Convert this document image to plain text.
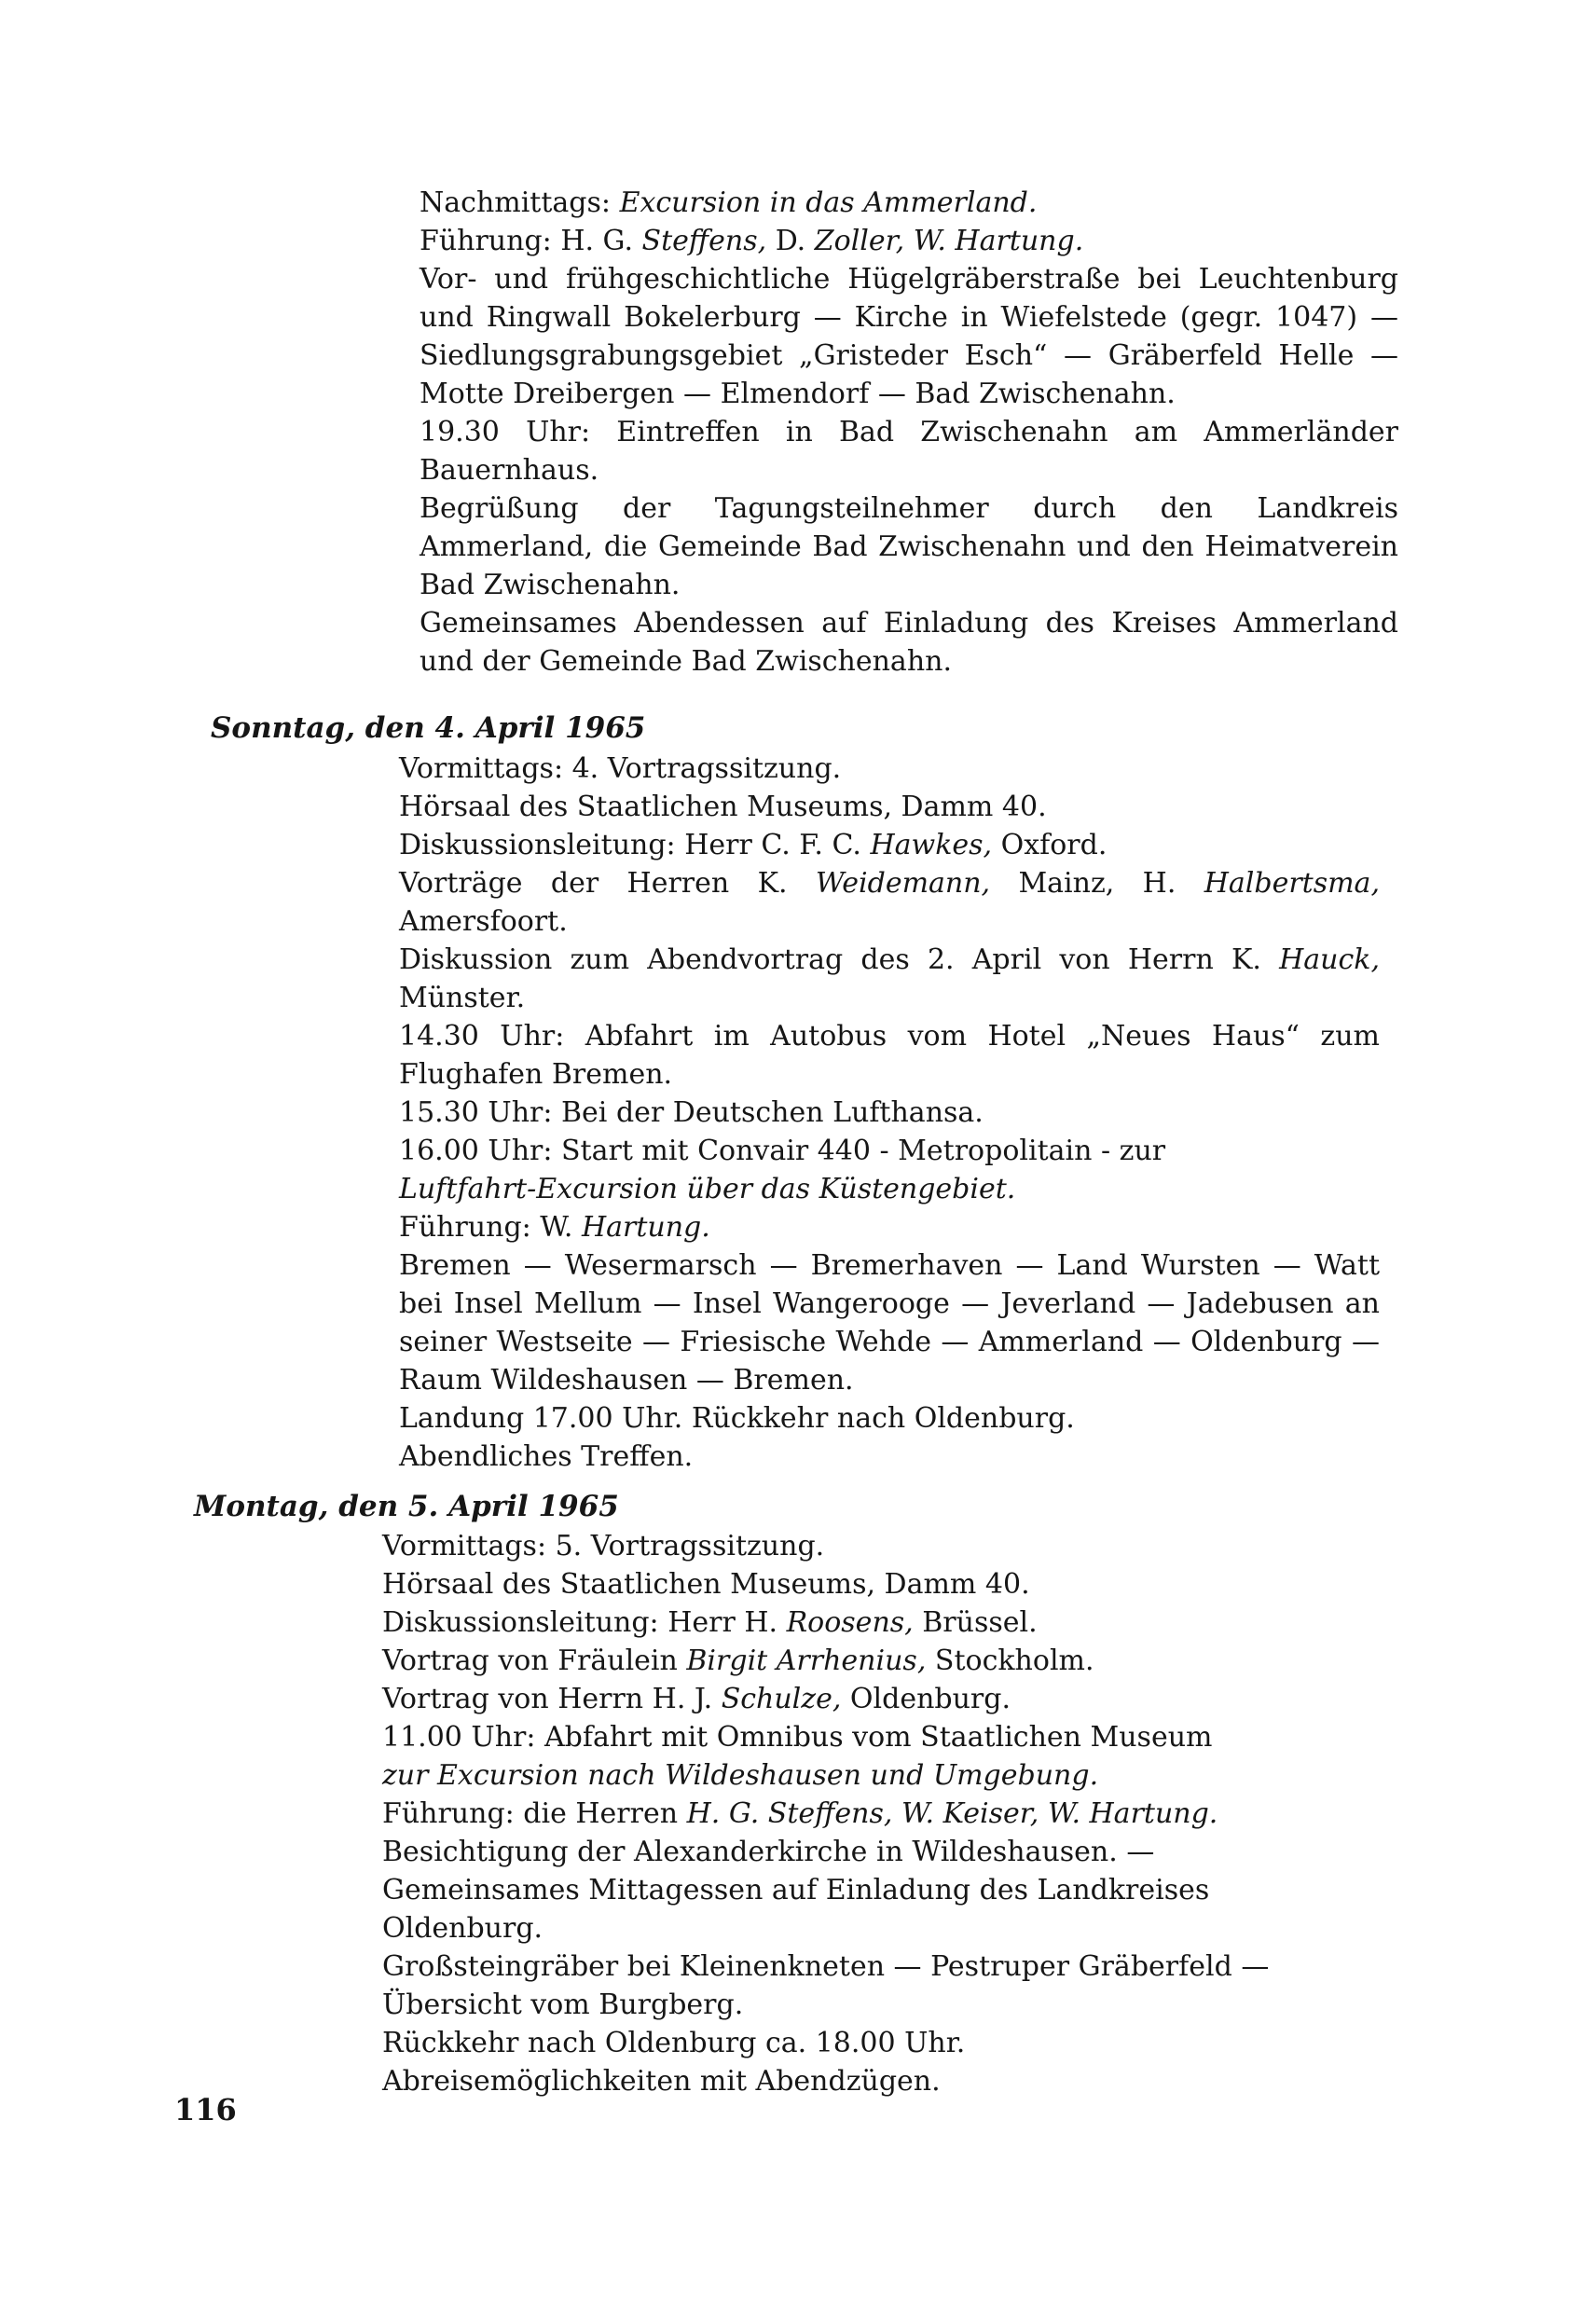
Nachmittags: Excursion in das Ammerland.

Führung: H. G. Steffens, D. Zoller, W. Hartung.

Vor- und frühgeschichtliche Hügelgräberstraße bei Leuchtenburg und Ringwall Bokelerburg — Kirche in Wiefelstede (gegr. 1047) — Siedlungsgrabungsgebiet „Gristeder Esch“ — Gräberfeld Helle — Motte Dreibergen — Elmendorf — Bad Zwischenahn.

19.30 Uhr: Eintreffen in Bad Zwischenahn am Ammerländer Bauernhaus.

Begrüßung der Tagungsteilnehmer durch den Landkreis Ammerland, die Gemeinde Bad Zwischenahn und den Heimatverein Bad Zwischenahn.

Gemeinsames Abendessen auf Einladung des Kreises Ammerland und der Gemeinde Bad Zwischenahn.

Sonntag, den 4. April 1965

Vormittags: 4. Vortragssitzung.

Hörsaal des Staatlichen Museums, Damm 40.

Diskussionsleitung: Herr C. F. C. Hawkes, Oxford.

Vorträge der Herren K. Weidemann, Mainz, H. Halbertsma, Amersfoort.

Diskussion zum Abendvortrag des 2. April von Herrn K. Hauck, Münster.

14.30 Uhr: Abfahrt im Autobus vom Hotel „Neues Haus“ zum Flughafen Bremen.

15.30 Uhr: Bei der Deutschen Lufthansa.

16.00 Uhr: Start mit Convair 440 - Metropolitain - zur

Luftfahrt-Excursion über das Küstengebiet.

Führung: W. Hartung.

Bremen — Wesermarsch — Bremerhaven — Land Wursten — Watt bei Insel Mellum — Insel Wangerooge — Jeverland — Jadebusen an seiner Westseite — Friesische Wehde — Ammerland — Oldenburg — Raum Wildeshausen — Bremen.

Landung 17.00 Uhr. Rückkehr nach Oldenburg.

Abendliches Treffen.

Montag, den 5. April 1965

Vormittags: 5. Vortragssitzung.

Hörsaal des Staatlichen Museums, Damm 40.

Diskussionsleitung: Herr H. Roosens, Brüssel.

Vortrag von Fräulein Birgit Arrhenius, Stockholm.

Vortrag von Herrn H. J. Schulze, Oldenburg.

11.00 Uhr: Abfahrt mit Omnibus vom Staatlichen Museum

zur Excursion nach Wildeshausen und Umgebung.

Führung: die Herren H. G. Steffens, W. Keiser, W. Hartung.

Besichtigung der Alexanderkirche in Wildeshausen. —

Gemeinsames Mittagessen auf Einladung des Landkreises Oldenburg.

Großsteingräber bei Kleinenkneten — Pestruper Gräberfeld —

Übersicht vom Burgberg.

Rückkehr nach Oldenburg ca. 18.00 Uhr.

Abreisemöglichkeiten mit Abendzügen.

116
